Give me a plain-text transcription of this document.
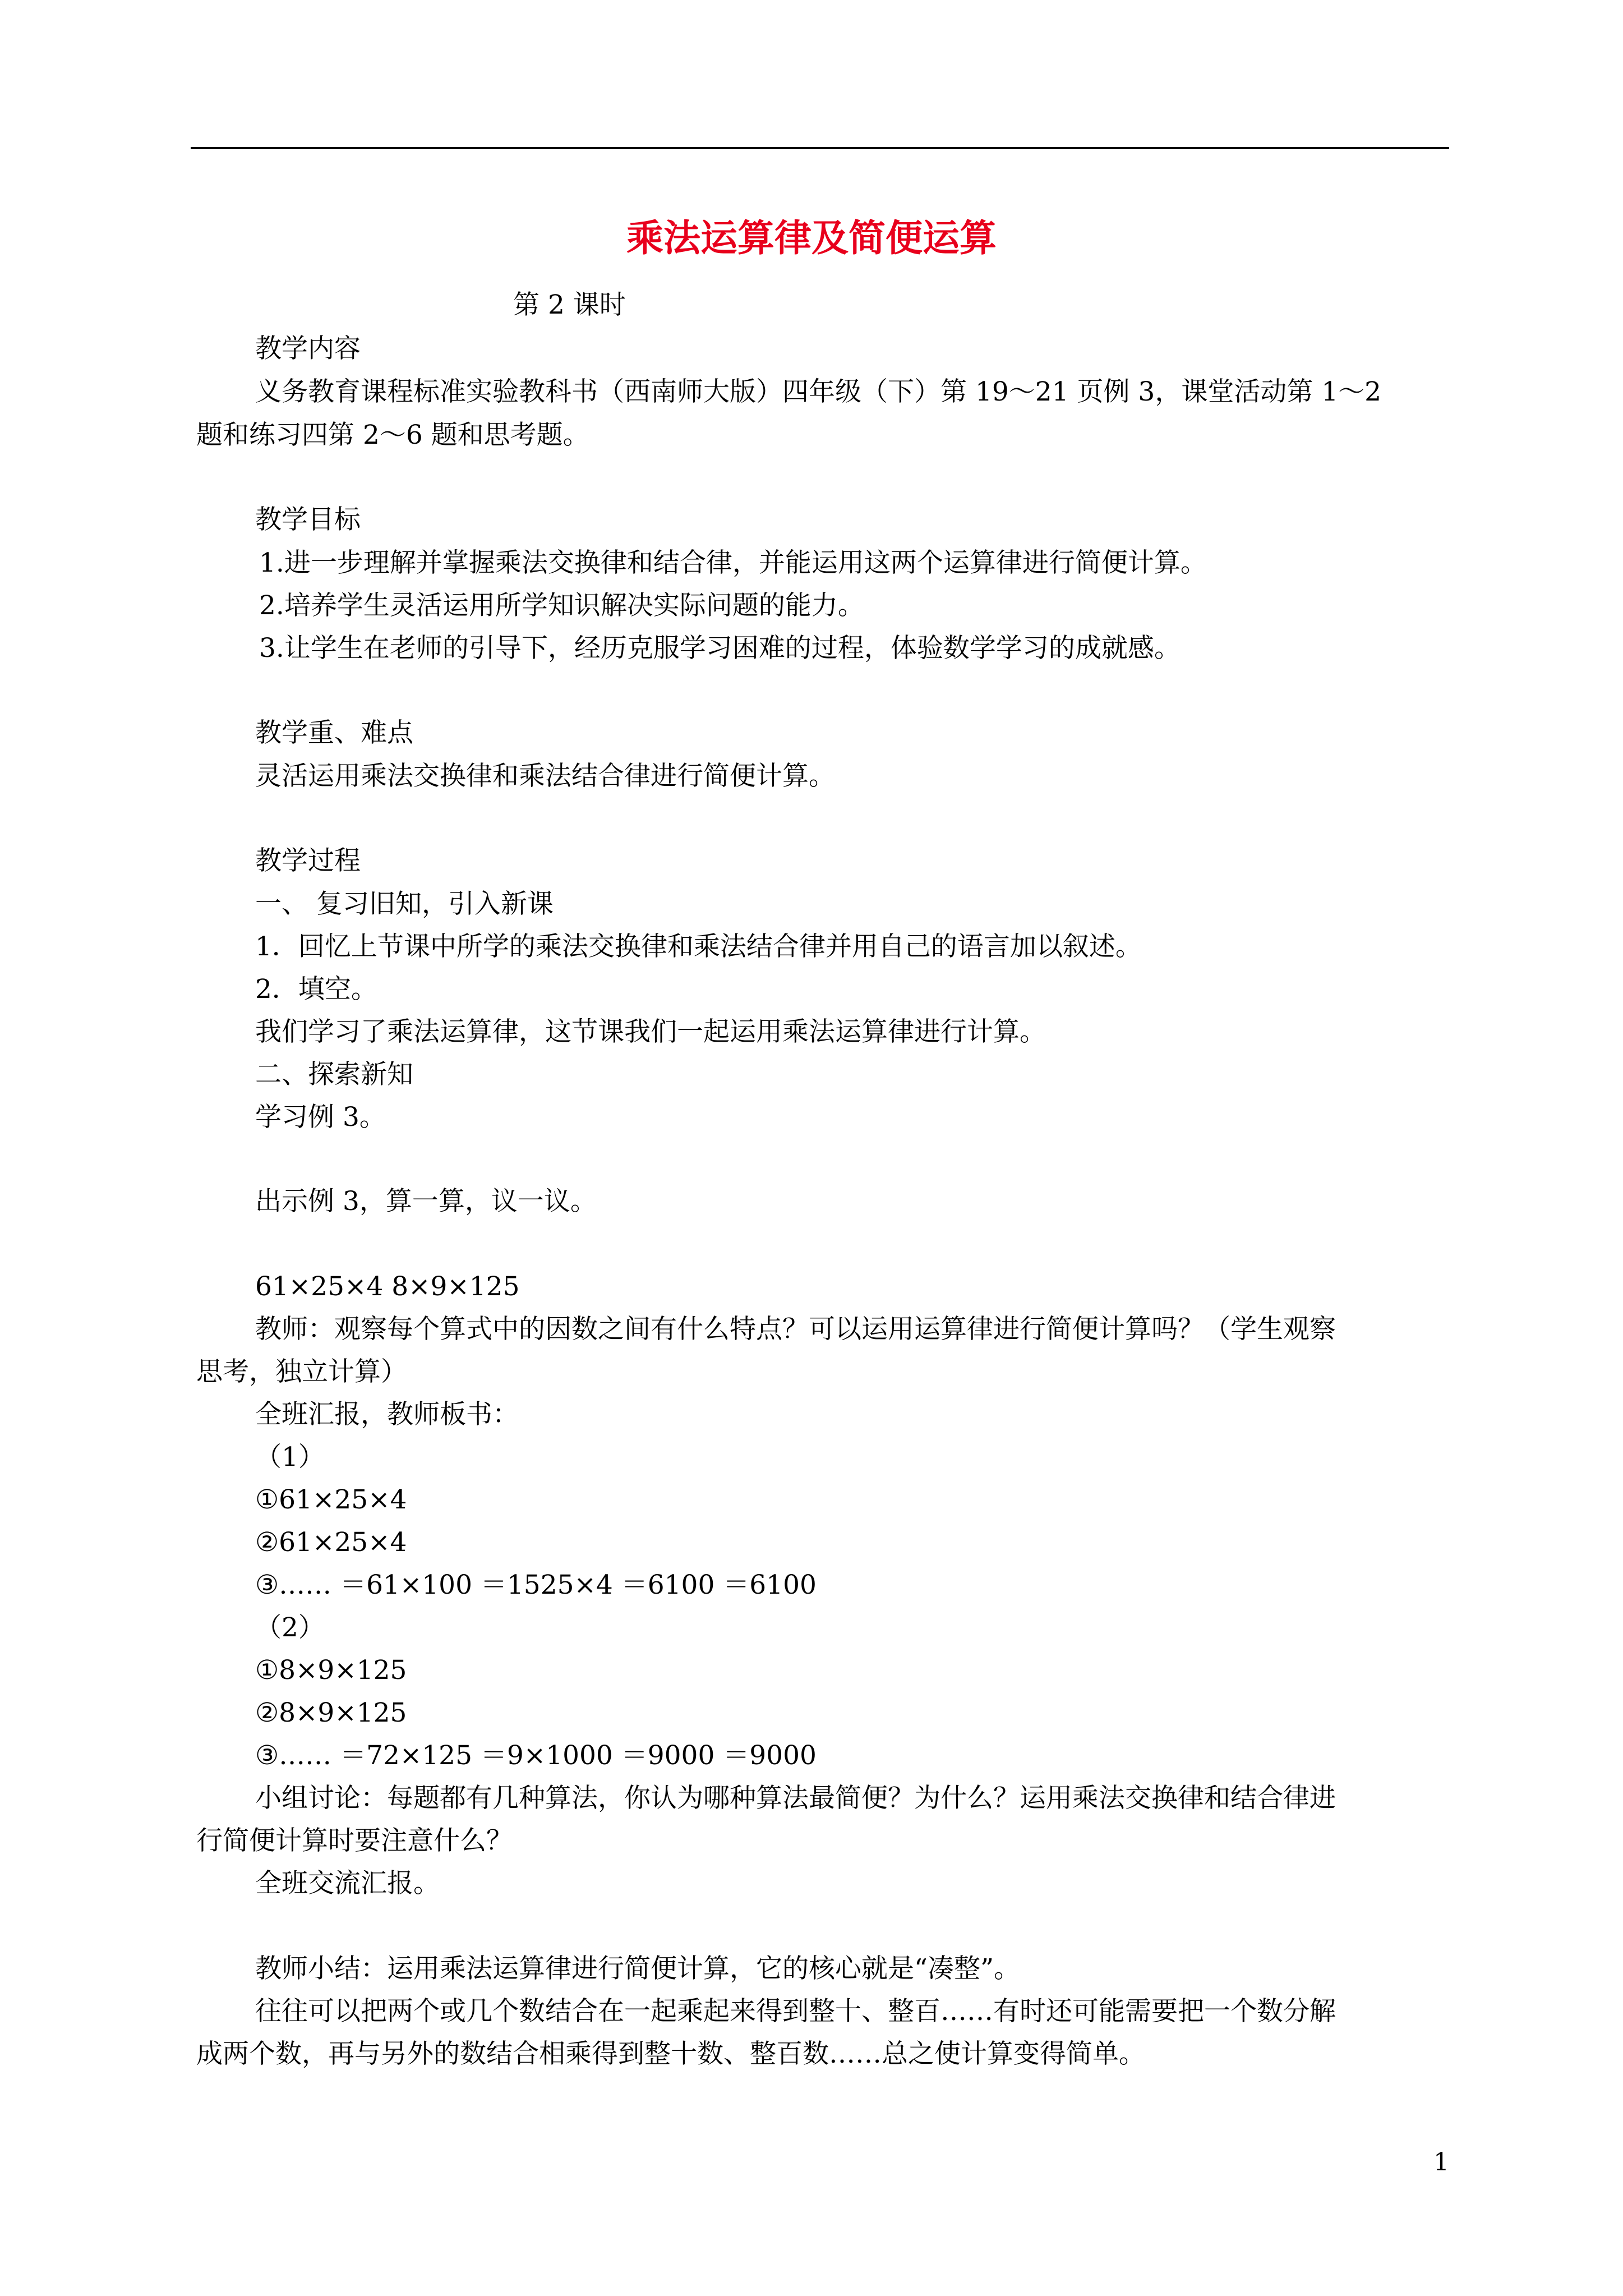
乘法运算律及简便运算
第 2 课时
教学内容
义务教育课程标准实验教科书（西南师大版）四年级（下）第 19～21 页例 3，课堂活动第 1～2
题和练习四第 2～6 题和思考题。
教学目标
1.进一步理解并掌握乘法交换律和结合律，并能运用这两个运算律进行简便计算。
2.培养学生灵活运用所学知识解决实际问题的能力。
3.让学生在老师的引导下，经历克服学习困难的过程，体验数学学习的成就感。
教学重、难点
灵活运用乘法交换律和乘法结合律进行简便计算。
教学过程
一、 复习旧知，引入新课
1．回忆上节课中所学的乘法交换律和乘法结合律并用自己的语言加以叙述。
2．填空。
我们学习了乘法运算律，这节课我们一起运用乘法运算律进行计算。
二、探索新知
学习例 3。
出示例 3，算一算，议一议。
61×25×4 8×9×125
教师：观察每个算式中的因数之间有什么特点？可以运用运算律进行简便计算吗？（学生观察
思考，独立计算）
全班汇报，教师板书：
（1）
①61×25×4
②61×25×4
③…… ＝61×100 ＝1525×4 ＝6100 ＝6100
（2）
①8×9×125
②8×9×125
③…… ＝72×125 ＝9×1000 ＝9000 ＝9000
小组讨论：每题都有几种算法，你认为哪种算法最简便？为什么？运用乘法交换律和结合律进
行简便计算时要注意什么？
全班交流汇报。
教师小结：运用乘法运算律进行简便计算，它的核心就是“凑整”。
往往可以把两个或几个数结合在一起乘起来得到整十、整百……有时还可能需要把一个数分解
成两个数，再与另外的数结合相乘得到整十数、整百数……总之使计算变得简单。
1
